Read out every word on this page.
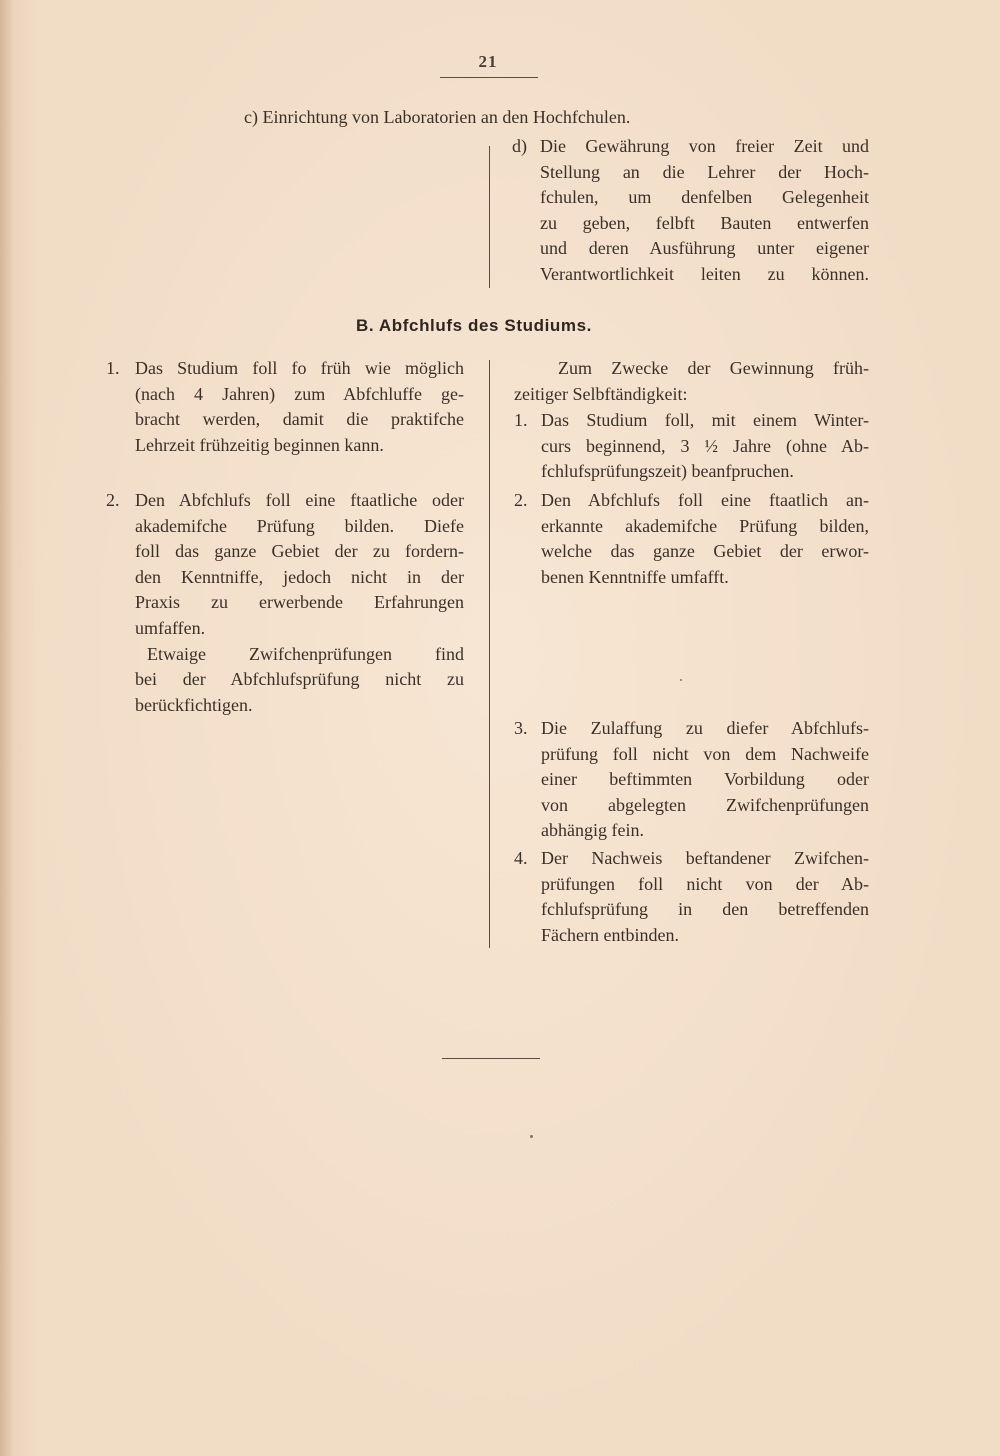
21
c) Einrichtung von Laboratorien an den Hochfchulen.
d) Die Gewährung von freier Zeit und
Stellung an die Lehrer der Hoch-
fchulen, um denfelben Gelegenheit
zu geben, felbft Bauten entwerfen
und deren Ausführung unter eigener
Verantwortlichkeit leiten zu können.
B. Abfchlufs des Studiums.
1. Das Studium foll fo früh wie möglich
(nach 4 Jahren) zum Abfchluffe ge-
bracht werden, damit die praktifche
Lehrzeit frühzeitig beginnen kann.
2. Den Abfchlufs foll eine ftaatliche oder
akademifche Prüfung bilden. Diefe
foll das ganze Gebiet der zu fordern-
den Kenntniffe, jedoch nicht in der
Praxis zu erwerbende Erfahrungen
umfaffen.
Etwaige Zwifchenprüfungen find
bei der Abfchlufsprüfung nicht zu
berückfichtigen.
Zum Zwecke der Gewinnung früh-
zeitiger Selbftändigkeit:
1. Das Studium foll, mit einem Winter-
curs beginnend, 3 ½ Jahre (ohne Ab-
fchlufsprüfungszeit) beanfpruchen.
2. Den Abfchlufs foll eine ftaatlich an-
erkannte akademifche Prüfung bilden,
welche das ganze Gebiet der erwor-
benen Kenntniffe umfafft.
3. Die Zulaffung zu diefer Abfchlufs-
prüfung foll nicht von dem Nachweife
einer beftimmten Vorbildung oder
von abgelegten Zwifchenprüfungen
abhängig fein.
4. Der Nachweis beftandener Zwifchen-
prüfungen foll nicht von der Ab-
fchlufsprüfung in den betreffenden
Fächern entbinden.
